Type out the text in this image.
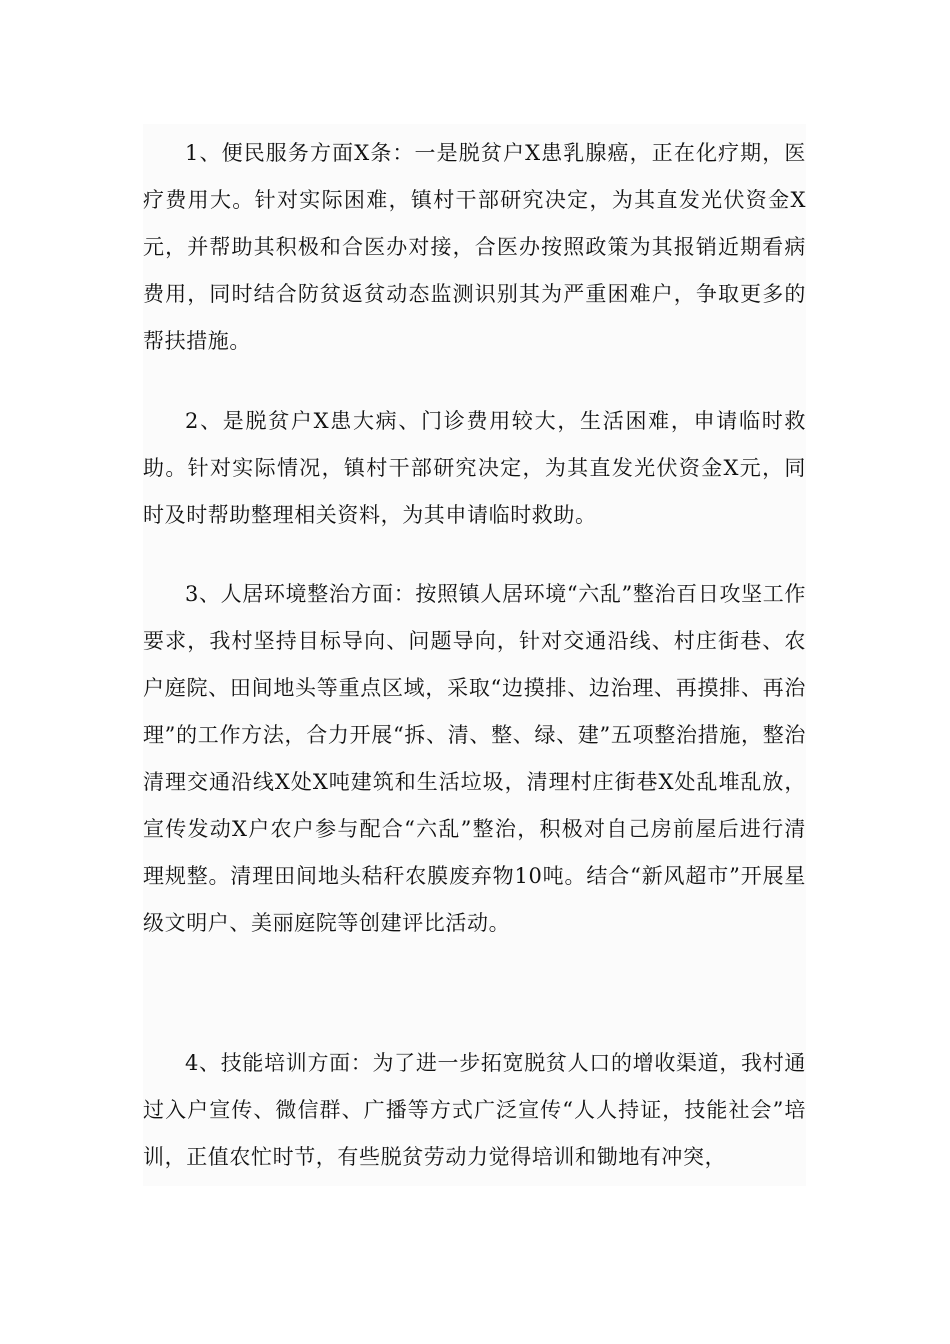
1、便民服务方面X条：一是脱贫户X患乳腺癌，正在化疗期，医疗费用大。针对实际困难，镇村干部研究决定，为其直发光伏资金X元，并帮助其积极和合医办对接，合医办按照政策为其报销近期看病费用，同时结合防贫返贫动态监测识别其为严重困难户，争取更多的帮扶措施。

2、是脱贫户X患大病、门诊费用较大，生活困难，申请临时救助。针对实际情况，镇村干部研究决定，为其直发光伏资金X元，同时及时帮助整理相关资料，为其申请临时救助。

3、人居环境整治方面：按照镇人居环境“六乱”整治百日攻坚工作要求，我村坚持目标导向、问题导向，针对交通沿线、村庄街巷、农户庭院、田间地头等重点区域，采取“边摸排、边治理、再摸排、再治理”的工作方法，合力开展“拆、清、整、绿、建”五项整治措施，整治清理交通沿线X处X吨建筑和生活垃圾，清理村庄街巷X处乱堆乱放，宣传发动X户农户参与配合“六乱”整治，积极对自己房前屋后进行清理规整。清理田间地头秸秆农膜废弃物10吨。结合“新风超市”开展星级文明户、美丽庭院等创建评比活动。

4、技能培训方面：为了进一步拓宽脱贫人口的增收渠道，我村通过入户宣传、微信群、广播等方式广泛宣传“人人持证，技能社会”培训，正值农忙时节，有些脱贫劳动力觉得培训和锄地有冲突，
